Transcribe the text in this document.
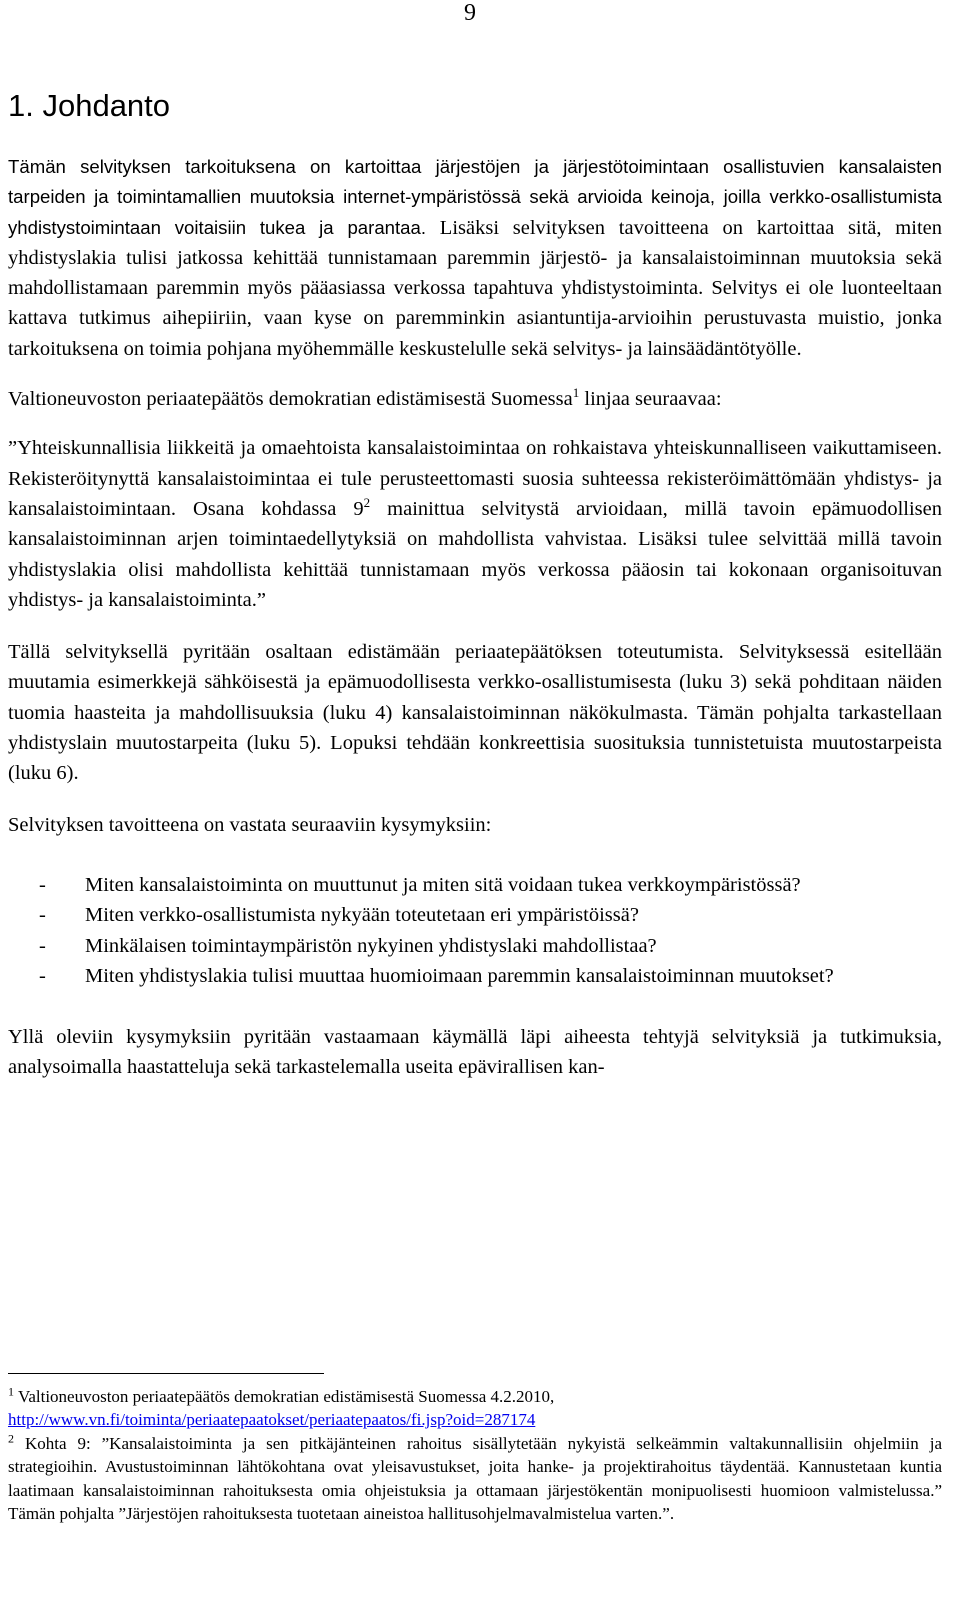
9
1. Johdanto

Tämän selvityksen tarkoituksena on kartoittaa järjestöjen ja järjestötoimintaan osallistuvien kansalaisten tarpeiden ja toimintamallien muutoksia internet-ympäristössä sekä arvioida keinoja, joilla verkko-osallistumista yhdistystoimintaan voitaisiin tukea ja parantaa. Lisäksi selvityksen tavoitteena on kartoittaa sitä, miten yhdistyslakia tulisi jatkossa kehittää tunnistamaan paremmin järjestö- ja kansalaistoiminnan muutoksia sekä mahdollistamaan paremmin myös pääasiassa verkossa tapahtuva yhdistystoiminta. Selvitys ei ole luonteeltaan kattava tutkimus aihepiiriin, vaan kyse on paremminkin asiantuntija-arvioihin perustuvasta muistio, jonka tarkoituksena on toimia pohjana myöhemmälle keskustelulle sekä selvitys- ja lainsäädäntötyölle.

Valtioneuvoston periaatepäätös demokratian edistämisestä Suomessa$^1$ linjaa seuraavaa:

”Yhteiskunnallisia liikkeitä ja omaehtoista kansalaistoimintaa on rohkaistava yhteiskunnalliseen vaikuttamiseen. Rekisteröitynyttä kansalaistoimintaa ei tule perusteettomasti suosia suhteessa rekisteröimättömään yhdistys- ja kansalaistoimintaan. Osana kohdassa $9^2$ mainittua selvitystä arvioidaan, millä tavoin epämuodollisen kansalaistoiminnan arjen toimintaedellytyksiä on mahdollista vahvistaa. Lisäksi tulee selvittää millä tavoin yhdistyslakia olisi mahdollista kehittää tunnistamaan myös verkossa pääosin tai kokonaan organisoituvan yhdistys- ja kansalaistoiminta.”

Tällä selvityksellä pyritään osaltaan edistämään periaatepäätöksen toteutumista. Selvityksessä esitellään muutamia esimerkkejä sähköisestä ja epämuodollisesta verkko-osallistumisesta (luku 3) sekä pohditaan näiden tuomia haasteita ja mahdollisuuksia (luku 4) kansalaistoiminnan näkökulmasta. Tämän pohjalta tarkastellaan yhdistyslain muutostarpeita (luku 5). Lopuksi tehdään konkreettisia suosituksia tunnistetuista muutostarpeista (luku 6).

Selvityksen tavoitteena on vastata seuraaviin kysymyksiin:

- Miten kansalaistoiminta on muuttunut ja miten sitä voidaan tukea verkkoympäristössä?
- Miten verkko-osallistumista nykyään toteutetaan eri ympäristöissä?
- Minkälaisen toimintaympäristön nykyinen yhdistyslaki mahdollistaa?
- Miten yhdistyslakia tulisi muuttaa huomioimaan paremmin kansalaistoiminnan muutokset?

Yllä oleviin kysymyksiin pyritään vastaamaan käymällä läpi aiheesta tehtyjä selvityksiä ja tutkimuksia, analysoimalla haastatteluja sekä tarkastelemalla useita epävirallisen kan-

$^1$ Valtioneuvoston periaatepäätös demokratian edistämisestä Suomessa 4.2.2010,
http://www.vn.fi/toiminta/periaatepaatokset/periaatepaatos/fi.jsp?oid=287174

$^2$ Kohta 9: ”Kansalaistoiminta ja sen pitkäjänteinen rahoitus sisällytetään nykyistä selkeämmin valtakunnallisiin ohjelmiin ja strategioihin. Avustustoiminnan lähtökohtana ovat yleisavustukset, joita hanke- ja projektirahoitus täydentää. Kannustetaan kuntia laatimaan kansalaistoiminnan rahoituksesta omia ohjeistuksia ja ottamaan järjestökentän monipuolisesti huomioon valmistelussa.” Tämän pohjalta ”Järjestöjen rahoituksesta tuotetaan aineistoa hallitusohjelmavalmistelua varten.”.
